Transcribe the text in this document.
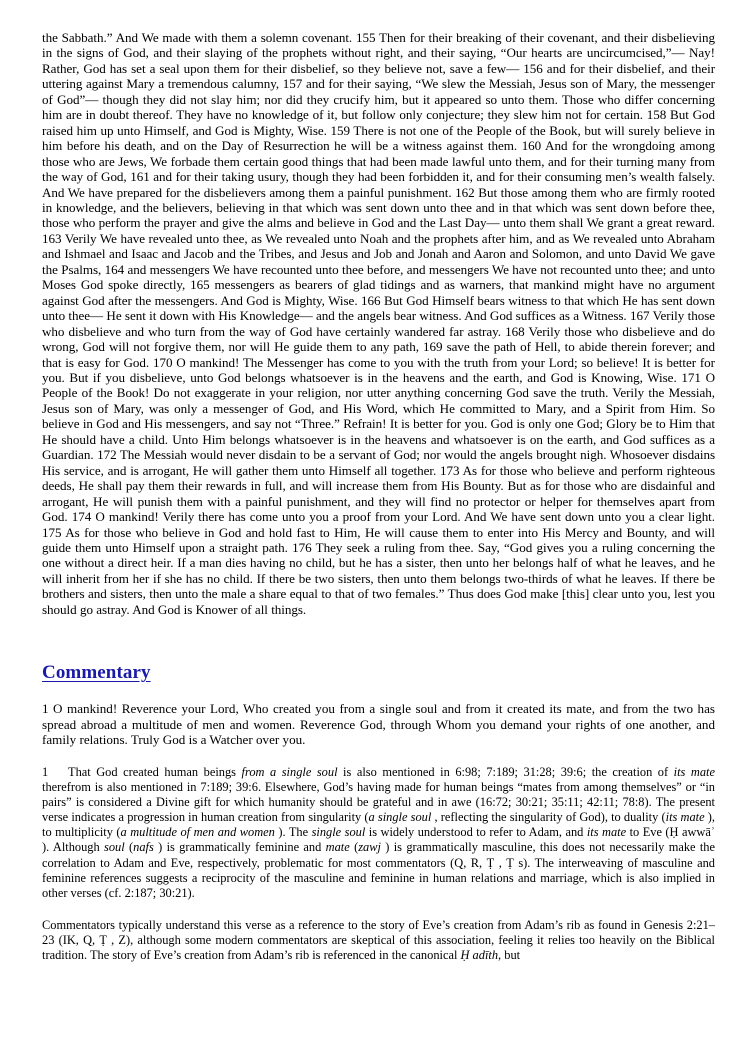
the Sabbath.” And We made with them a solemn covenant. 155 Then for their breaking of their covenant, and their disbelieving in the signs of God, and their slaying of the prophets without right, and their saying, “Our hearts are uncircumcised,”— Nay! Rather, God has set a seal upon them for their disbelief, so they believe not, save a few— 156 and for their disbelief, and their uttering against Mary a tremendous calumny, 157 and for their saying, “We slew the Messiah, Jesus son of Mary, the messenger of God”— though they did not slay him; nor did they crucify him, but it appeared so unto them. Those who differ concerning him are in doubt thereof. They have no knowledge of it, but follow only conjecture; they slew him not for certain. 158 But God raised him up unto Himself, and God is Mighty, Wise. 159 There is not one of the People of the Book, but will surely believe in him before his death, and on the Day of Resurrection he will be a witness against them. 160 And for the wrongdoing among those who are Jews, We forbade them certain good things that had been made lawful unto them, and for their turning many from the way of God, 161 and for their taking usury, though they had been forbidden it, and for their consuming men’s wealth falsely. And We have prepared for the disbelievers among them a painful punishment. 162 But those among them who are firmly rooted in knowledge, and the believers, believing in that which was sent down unto thee and in that which was sent down before thee, those who perform the prayer and give the alms and believe in God and the Last Day— unto them shall We grant a great reward. 163 Verily We have revealed unto thee, as We revealed unto Noah and the prophets after him, and as We revealed unto Abraham and Ishmael and Isaac and Jacob and the Tribes, and Jesus and Job and Jonah and Aaron and Solomon, and unto David We gave the Psalms, 164 and messengers We have recounted unto thee before, and messengers We have not recounted unto thee; and unto Moses God spoke directly, 165 messengers as bearers of glad tidings and as warners, that mankind might have no argument against God after the messengers. And God is Mighty, Wise. 166 But God Himself bears witness to that which He has sent down unto thee— He sent it down with His Knowledge— and the angels bear witness. And God suffices as a Witness. 167 Verily those who disbelieve and who turn from the way of God have certainly wandered far astray. 168 Verily those who disbelieve and do wrong, God will not forgive them, nor will He guide them to any path, 169 save the path of Hell, to abide therein forever; and that is easy for God. 170 O mankind! The Messenger has come to you with the truth from your Lord; so believe! It is better for you. But if you disbelieve, unto God belongs whatsoever is in the heavens and the earth, and God is Knowing, Wise. 171 O People of the Book! Do not exaggerate in your religion, nor utter anything concerning God save the truth. Verily the Messiah, Jesus son of Mary, was only a messenger of God, and His Word, which He committed to Mary, and a Spirit from Him. So believe in God and His messengers, and say not “Three.” Refrain! It is better for you. God is only one God; Glory be to Him that He should have a child. Unto Him belongs whatsoever is in the heavens and whatsoever is on the earth, and God suffices as a Guardian. 172 The Messiah would never disdain to be a servant of God; nor would the angels brought nigh. Whosoever disdains His service, and is arrogant, He will gather them unto Himself all together. 173 As for those who believe and perform righteous deeds, He shall pay them their rewards in full, and will increase them from His Bounty. But as for those who are disdainful and arrogant, He will punish them with a painful punishment, and they will find no protector or helper for themselves apart from God. 174 O mankind! Verily there has come unto you a proof from your Lord. And We have sent down unto you a clear light. 175 As for those who believe in God and hold fast to Him, He will cause them to enter into His Mercy and Bounty, and will guide them unto Himself upon a straight path. 176 They seek a ruling from thee. Say, “God gives you a ruling concerning the one without a direct heir. If a man dies having no child, but he has a sister, then unto her belongs half of what he leaves, and he will inherit from her if she has no child. If there be two sisters, then unto them belongs two-thirds of what he leaves. If there be brothers and sisters, then unto the male a share equal to that of two females.” Thus does God make [this] clear unto you, lest you should go astray. And God is Knower of all things.

Commentary

1 O mankind! Reverence your Lord, Who created you from a single soul and from it created its mate, and from the two has spread abroad a multitude of men and women. Reverence God, through Whom you demand your rights of one another, and family relations. Truly God is a Watcher over you.

1 That God created human beings from a single soul is also mentioned in 6:98; 7:189; 31:28; 39:6; the creation of its mate therefrom is also mentioned in 7:189; 39:6. Elsewhere, God’s having made for human beings “mates from among themselves” or “in pairs” is considered a Divine gift for which humanity should be grateful and in awe (16:72; 30:21; 35:11; 42:11; 78:8). The present verse indicates a progression in human creation from singularity (a single soul , reflecting the singularity of God), to duality (its mate ), to multiplicity (a multitude of men and women ). The single soul is widely understood to refer to Adam, and its mate to Eve (Ḥ awwāʾ ). Although soul (nafs ) is grammatically feminine and mate (zawj ) is grammatically masculine, this does not necessarily make the correlation to Adam and Eve, respectively, problematic for most commentators (Q, R, Ṭ , Ṭ s). The interweaving of masculine and feminine references suggests a reciprocity of the masculine and feminine in human relations and marriage, which is also implied in other verses (cf. 2:187; 30:21).

Commentators typically understand this verse as a reference to the story of Eve’s creation from Adam’s rib as found in Genesis 2:21– 23 (IK, Q, Ṭ , Z), although some modern commentators are skeptical of this association, feeling it relies too heavily on the Biblical tradition. The story of Eve’s creation from Adam’s rib is referenced in the canonical Ḥ adīth, but
